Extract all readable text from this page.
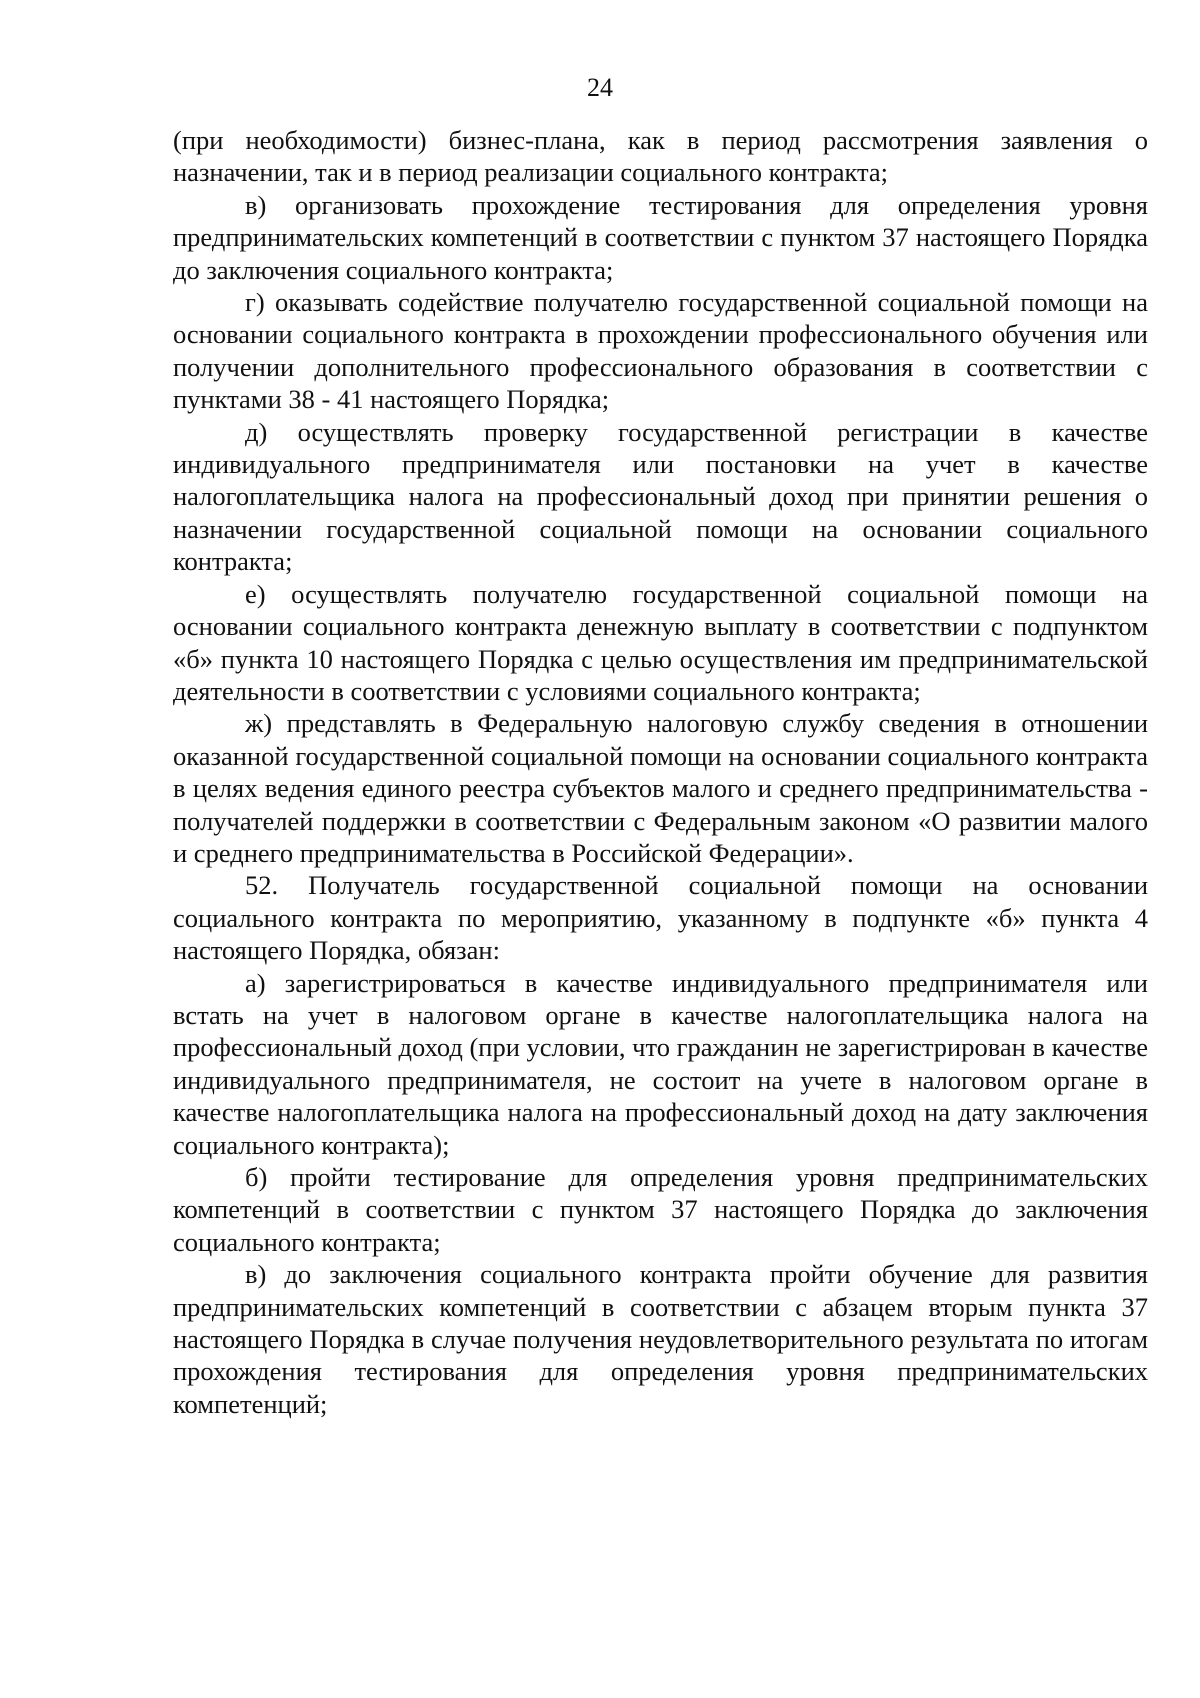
24

(при необходимости) бизнес-плана, как в период рассмотрения заявления о назначении, так и в период реализации социального контракта;

в) организовать прохождение тестирования для определения уровня предпринимательских компетенций в соответствии с пунктом 37 настоящего Порядка до заключения социального контракта;

г) оказывать содействие получателю государственной социальной помощи на основании социального контракта в прохождении профессионального обучения или получении дополнительного профессионального образования в соответствии с пунктами 38 - 41 настоящего Порядка;

д) осуществлять проверку государственной регистрации в качестве индивидуального предпринимателя или постановки на учет в качестве налогоплательщика налога на профессиональный доход при принятии решения о назначении государственной социальной помощи на основании социального контракта;

е) осуществлять получателю государственной социальной помощи на основании социального контракта денежную выплату в соответствии с подпунктом «б» пункта 10 настоящего Порядка с целью осуществления им предпринимательской деятельности в соответствии с условиями социального контракта;

ж) представлять в Федеральную налоговую службу сведения в отношении оказанной государственной социальной помощи на основании социального контракта в целях ведения единого реестра субъектов малого и среднего предпринимательства - получателей поддержки в соответствии с Федеральным законом «О развитии малого и среднего предпринимательства в Российской Федерации».

52. Получатель государственной социальной помощи на основании социального контракта по мероприятию, указанному в подпункте «б» пункта 4 настоящего Порядка, обязан:

а) зарегистрироваться в качестве индивидуального предпринимателя или встать на учет в налоговом органе в качестве налогоплательщика налога на профессиональный доход (при условии, что гражданин не зарегистрирован в качестве индивидуального предпринимателя, не состоит на учете в налоговом органе в качестве налогоплательщика налога на профессиональный доход на дату заключения социального контракта);

б) пройти тестирование для определения уровня предпринимательских компетенций в соответствии с пунктом 37 настоящего Порядка до заключения социального контракта;

в) до заключения социального контракта пройти обучение для развития предпринимательских компетенций в соответствии с абзацем вторым пункта 37 настоящего Порядка в случае получения неудовлетворительного результата по итогам прохождения тестирования для определения уровня предпринимательских компетенций;
